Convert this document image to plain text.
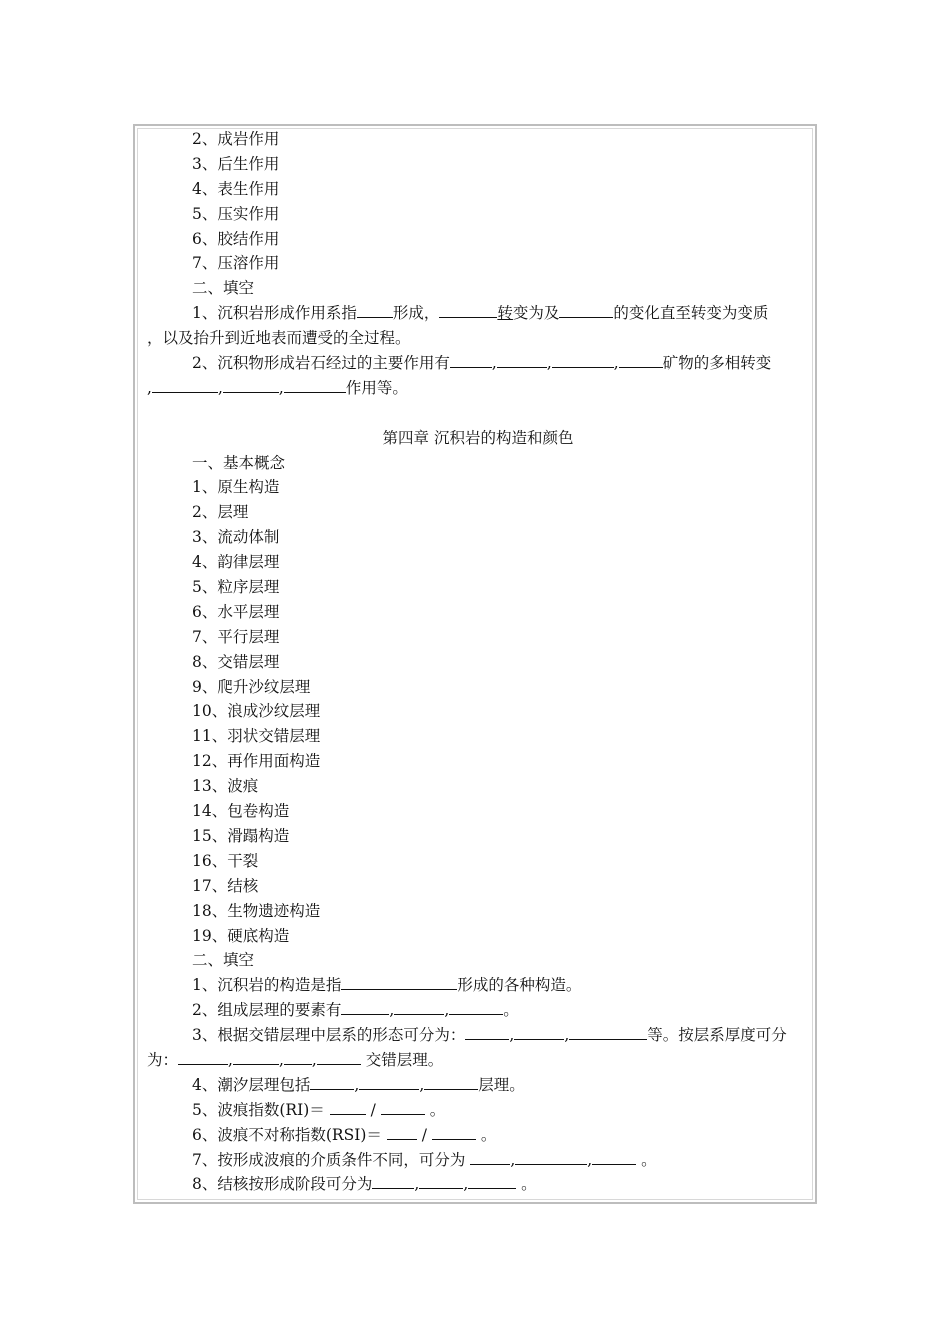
2、成岩作用
3、后生作用
4、表生作用
5、压实作用
6、胶结作用
7、压溶作用
二、填空
1、沉积岩形成作用系指 形成，	转变为及	的变化直至转变为变质
，以及抬升到近地表而遭受的全过程。
2、沉积物形成岩石经过的主要作用有	,	,	,	矿物的多相转变
,	,	,	作用等。
第四章 沉积岩的构造和颜色
一、基本概念
1、原生构造
2、层理
3、流动体制
4、韵律层理
5、粒序层理
6、水平层理
7、平行层理
8、交错层理
9、爬升沙纹层理
10、浪成沙纹层理
11、羽状交错层理
12、再作用面构造
13、波痕
14、包卷构造
15、滑蹋构造
16、干裂
17、结核
18、生物遗迹构造
19、硬底构造
二、填空
1、沉积岩的构造是指	形成的各种构造。
2、组成层理的要素有	,	,	。
3、根据交错层理中层系的形态可分为：	,	,	等。按层系厚度可分
为：	,	, ,	交错层理。
4、潮汐层理包括	,	,	层理。
5、波痕指数(RI)＝	/	。
6、波痕不对称指数(RSI)＝  /	。
7、按形成波痕的介质条件不同，可分为	,	,	。
8、结核按形成阶段可分为	,	,	。
